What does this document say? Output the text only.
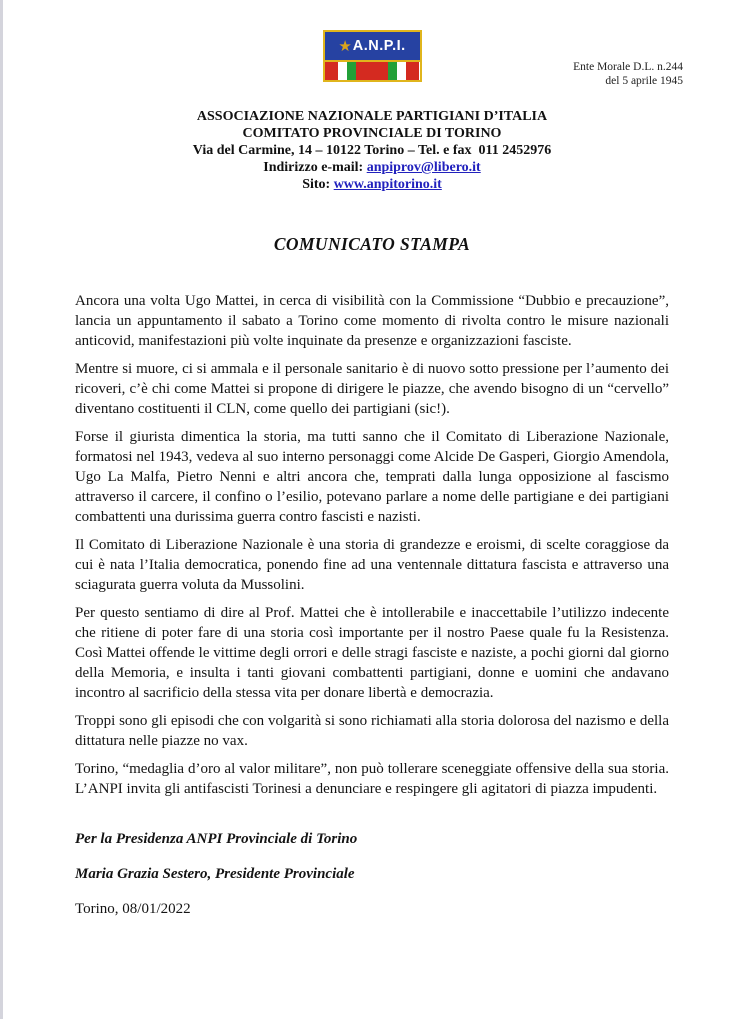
★ A.N.P.I.
Ente Morale D.L. n.244
del 5 aprile 1945
ASSOCIAZIONE NAZIONALE PARTIGIANI D’ITALIA
COMITATO PROVINCIALE DI TORINO
Via del Carmine, 14 – 10122 Torino – Tel. e fax  011 2452976
Indirizzo e-mail: anpiprov@libero.it
Sito: www.anpitorino.it
COMUNICATO STAMPA

Ancora una volta Ugo Mattei, in cerca di visibilità con la Commissione “Dubbio e precauzione”, lancia un appuntamento il sabato a Torino come momento di rivolta contro le misure nazionali anticovid, manifestazioni più volte inquinate da presenze e organizzazioni fasciste.

Mentre si muore, ci si ammala e il personale sanitario è di nuovo sotto pressione per l’aumento dei ricoveri, c’è chi come Mattei si propone di dirigere le piazze, che avendo bisogno di un “cervello” diventano costituenti il CLN, come quello dei partigiani (sic!).

Forse il giurista dimentica la storia, ma tutti sanno che il Comitato di Liberazione Nazionale, formatosi nel 1943, vedeva al suo interno personaggi come Alcide De Gasperi, Giorgio Amendola, Ugo La Malfa, Pietro Nenni e altri ancora che, temprati dalla lunga opposizione al fascismo attraverso il carcere, il confino o l’esilio, potevano parlare a nome delle partigiane e dei partigiani combattenti una durissima guerra contro fascisti e nazisti.

Il Comitato di Liberazione Nazionale è una storia di grandezze e eroismi, di scelte coraggiose da cui è nata l’Italia democratica, ponendo fine ad una ventennale dittatura fascista e attraverso una sciagurata guerra voluta da Mussolini.

Per questo sentiamo di dire al Prof. Mattei che è intollerabile e inaccettabile l’utilizzo indecente che ritiene di poter fare di una storia così importante per il nostro Paese quale fu la Resistenza. Così Mattei offende le vittime degli orrori e delle stragi fasciste e naziste, a pochi giorni dal giorno della Memoria, e insulta i tanti giovani combattenti partigiani, donne e uomini che andavano incontro al sacrificio della stessa vita per donare libertà e democrazia.

Troppi sono gli episodi che con volgarità si sono richiamati alla storia dolorosa del nazismo e della dittatura nelle piazze no vax.

Torino, “medaglia d’oro al valor militare”, non può tollerare sceneggiate offensive della sua storia. L’ANPI invita gli antifascisti Torinesi a denunciare e respingere gli agitatori di piazza impudenti.

Per la Presidenza ANPI Provinciale di Torino

Maria Grazia Sestero, Presidente Provinciale

Torino, 08/01/2022
